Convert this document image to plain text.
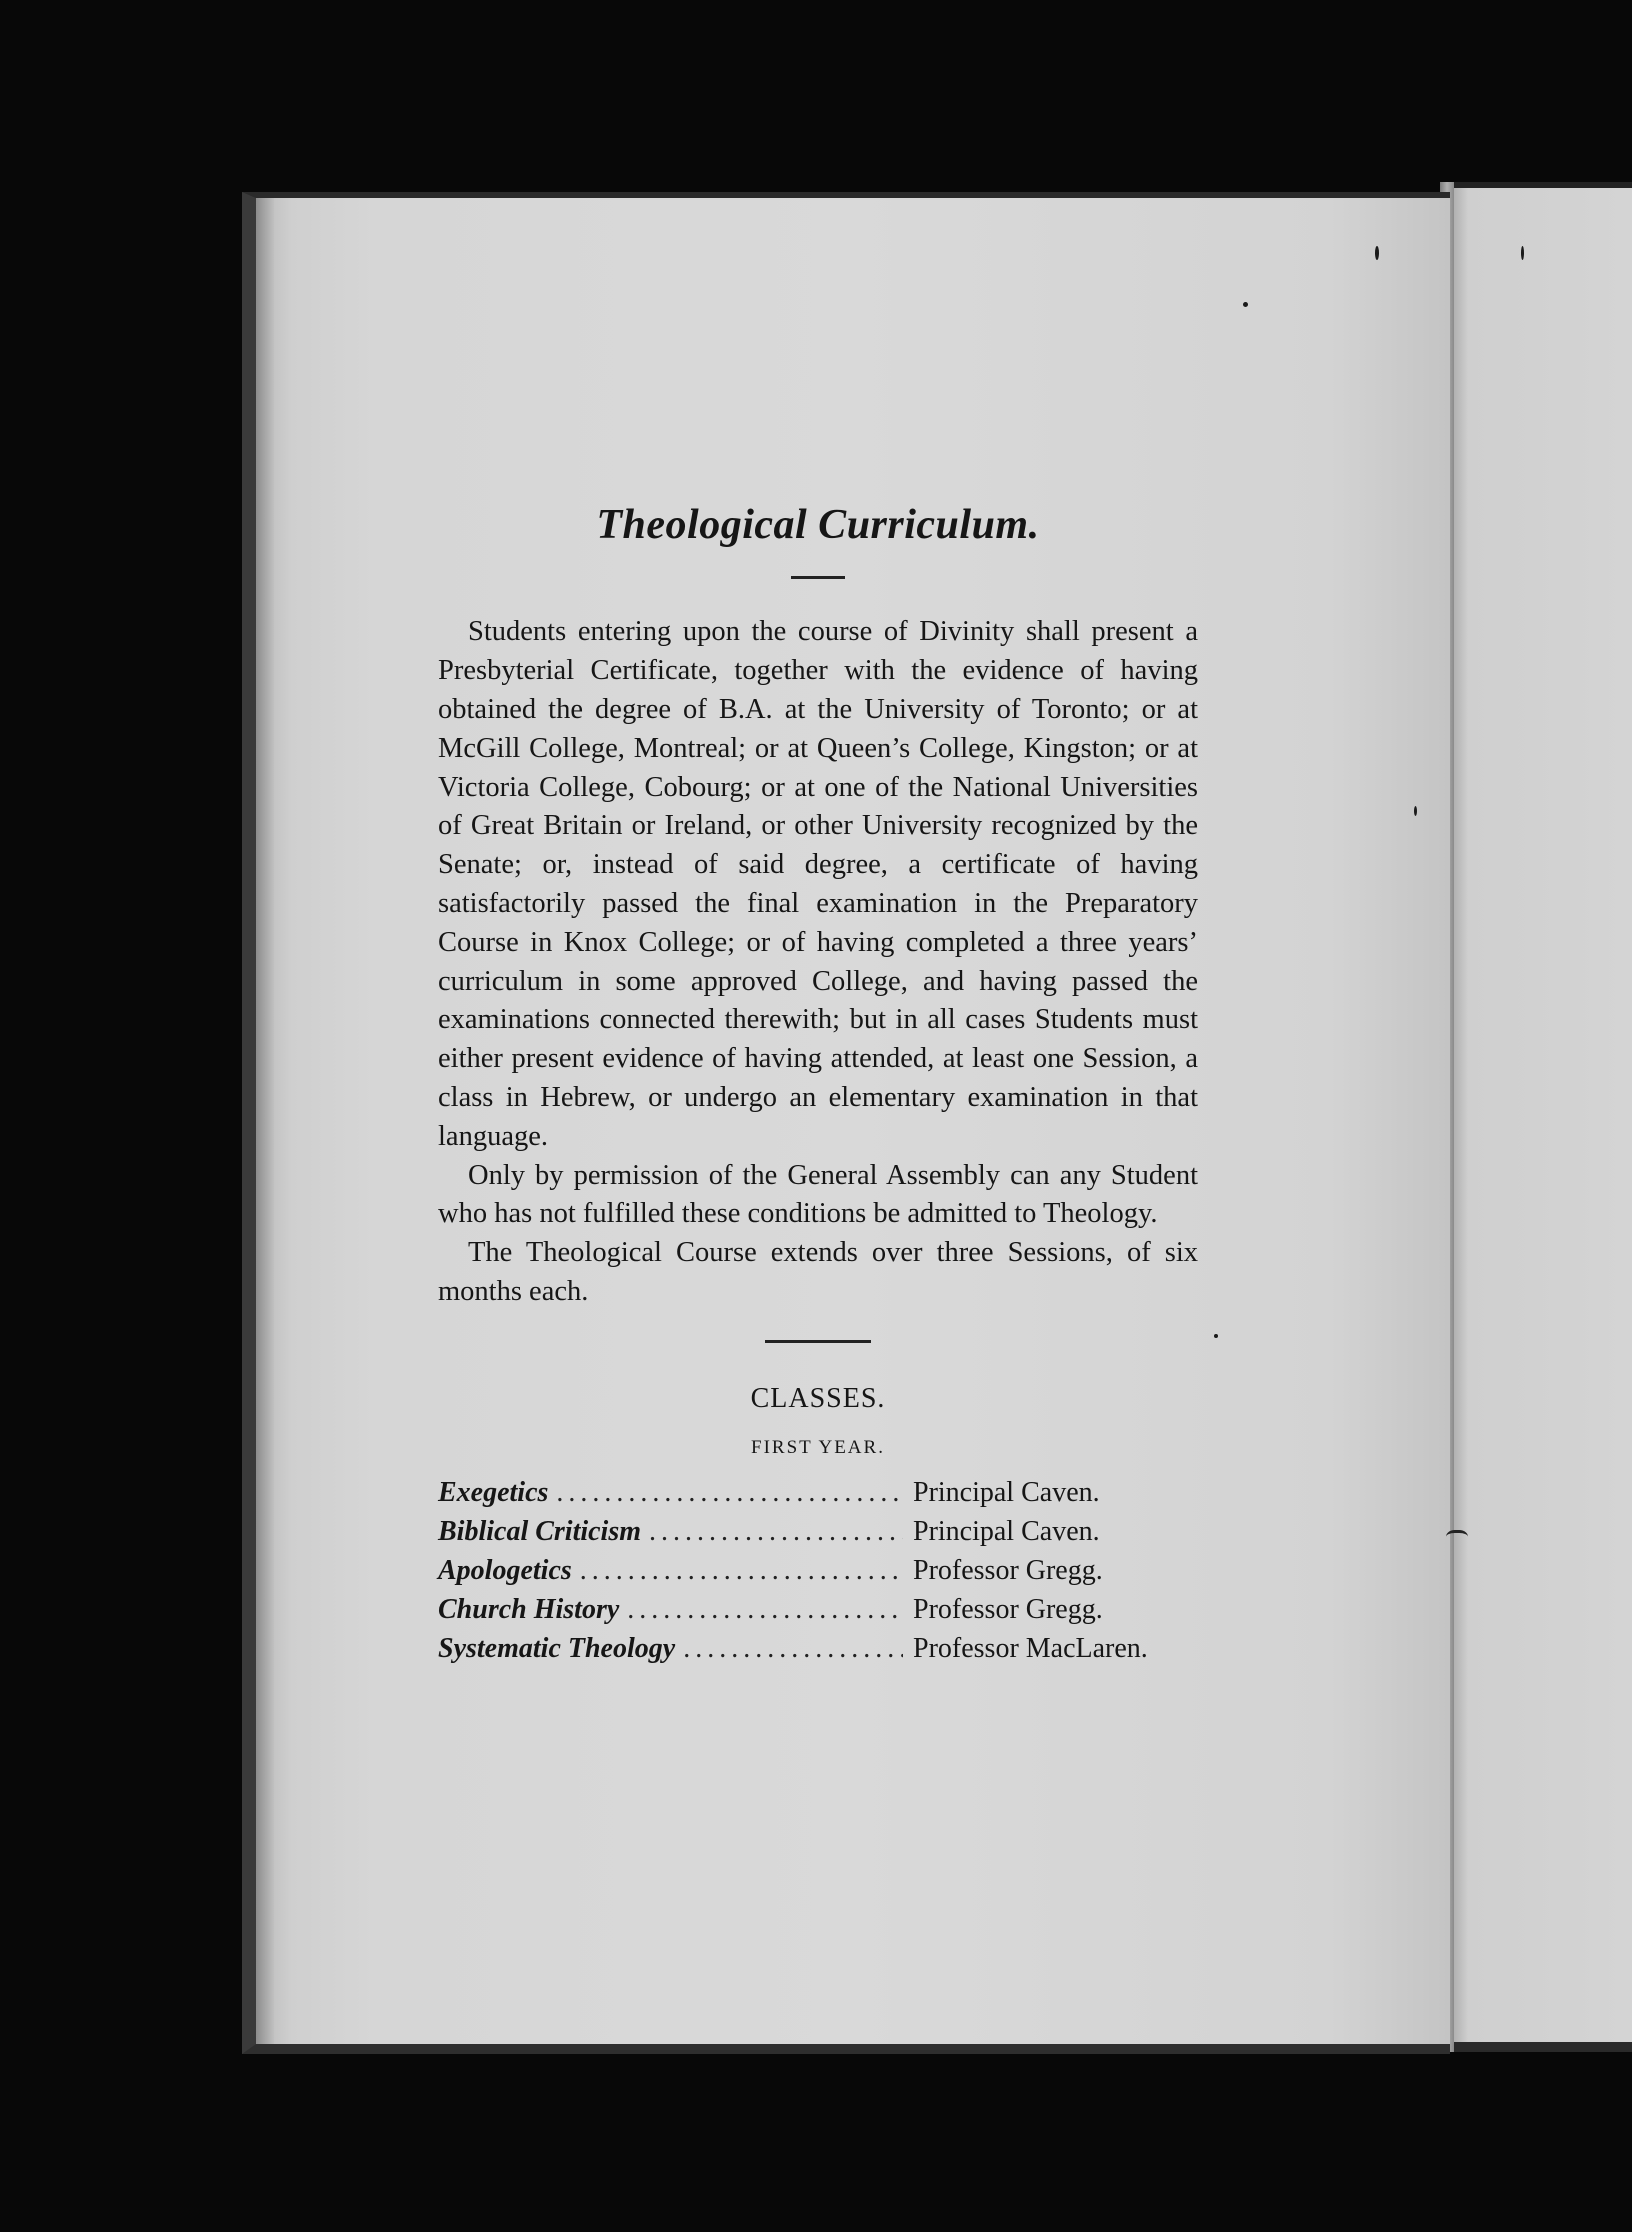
Theological Curriculum.

Students entering upon the course of Divinity shall present a Presbyterial Certificate, together with the evidence of having obtained the degree of B.A. at the University of Toronto; or at McGill College, Montreal; or at Queen’s College, Kingston; or at Victoria College, Cobourg; or at one of the National Universities of Great Britain or Ireland, or other University recognized by the Senate; or, instead of said degree, a certificate of having satisfactorily passed the final examination in the Preparatory Course in Knox College; or of having completed a three years’ curriculum in some approved College, and having passed the examinations connected therewith; but in all cases Students must either present evidence of having attended, at least one Session, a class in Hebrew, or undergo an elementary examination in that language.

Only by permission of the General Assembly can any Student who has not fulfilled these conditions be admitted to Theology.

The Theological Course extends over three Sessions, of six months each.

CLASSES.
FIRST YEAR.
Exegetics .....	Principal Caven.
Biblical Criticism .....	Principal Caven.
Apologetics .....	Professor Gregg.
Church History .....	Professor Gregg.
Systematic Theology .....	Professor MacLaren.
